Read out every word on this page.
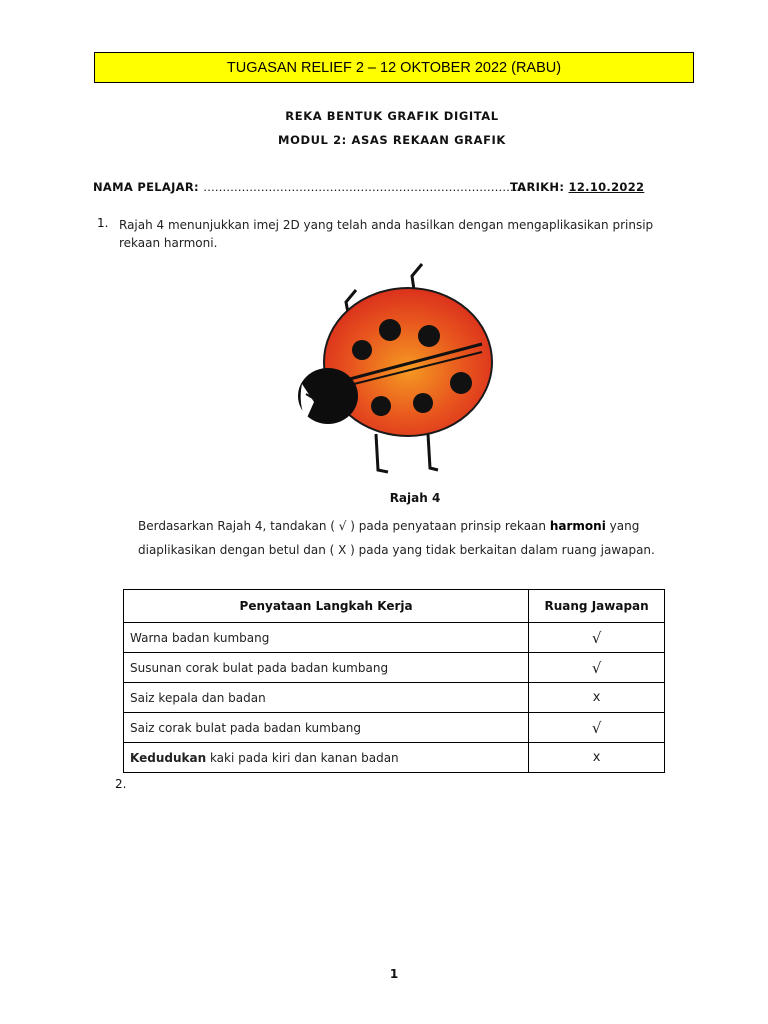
TUGASAN RELIEF 2 – 12 OKTOBER 2022 (RABU)
REKA BENTUK GRAFIK DIGITAL
MODUL 2: ASAS REKAAN GRAFIK
NAMA PELAJAR: …………………………………………………………………………
TARIKH: 12.10.2022
1. Rajah 4 menunjukkan imej 2D yang telah anda hasilkan dengan mengaplikasikan prinsip rekaan harmoni.
Rajah 4
Berdasarkan Rajah 4, tandakan ( √ ) pada penyataan prinsip rekaan harmoni yang diaplikasikan dengan betul dan ( X ) pada yang tidak berkaitan dalam ruang jawapan.
Penyataan Langkah Kerja	Ruang Jawapan
Warna badan kumbang	√
Susunan corak bulat pada badan kumbang	√
Saiz kepala dan badan	x
Saiz corak bulat pada badan kumbang	√
Kedudukan kaki pada kiri dan kanan badan	x
2.
1
